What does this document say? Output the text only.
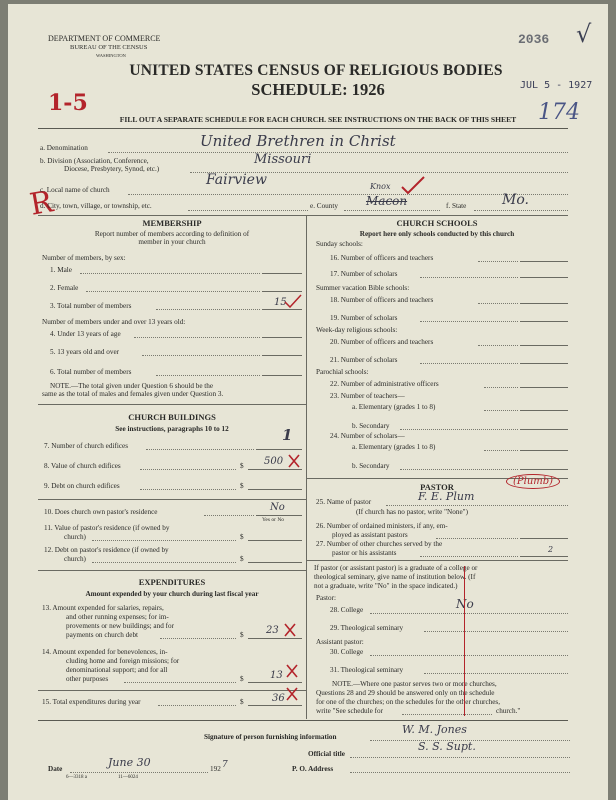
DEPARTMENT OF COMMERCE
BUREAU OF THE CENSUS
WASHINGTON
2036 √
UNITED STATES CENSUS OF RELIGIOUS BODIES
SCHEDULE: 1926	JUL 5 - 1927
1-5	174
FILL OUT A SEPARATE SCHEDULE FOR EACH CHURCH. SEE INSTRUCTIONS ON THE BACK OF THIS SHEET
R
a. Denomination	United Brethren in Christ
b. Division (Association, Conference,
Diocese, Presbytery, Synod, etc.)
Missouri
c. Local name of church
Fairview
d. City, town, village, or township, etc.	e. County Macon
Knox
f. State	Mo.
MEMBERSHIP
Report number of members according to definition of
member in your church
Number of members, by sex:
1. Male
2. Female
3. Total number of members	15
Number of members under and over 13 years old:
4. Under 13 years of age
5. 13 years old and over
6. Total number of members
NOTE.—The total given under Question 6 should be the
same as the total of males and females given under Question 3.
CHURCH BUILDINGS
See instructions, paragraphs 10 to 12
7. Number of church edifices
1
8. Value of church edifices	$ 500
9. Debt on church edifices	$
10. Does church own pastor's residence	No
Yes or No
11. Value of pastor's residence (if owned by
church)	$
12. Debt on pastor's residence (if owned by
church)	$
EXPENDITURES
Amount expended by your church during last fiscal year
13. Amount expended for salaries, repairs,
and other running expenses; for im-
provements or new buildings; and for
payments on church debt	$ 23
14. Amount expended for benevolences, in-
cluding home and foreign missions; for
denominational support; and for all
other purposes	$	13
15. Total expenditures during year	$	36
CHURCH SCHOOLS
Report here only schools conducted by this church
Sunday schools:
16. Number of officers and teachers
17. Number of scholars
Summer vacation Bible schools:
18. Number of officers and teachers
19. Number of scholars
Week-day religious schools:
20. Number of officers and teachers
21. Number of scholars
Parochial schools:
22. Number of administrative officers
23. Number of teachers—
a. Elementary (grades 1 to 8)
b. Secondary
24. Number of scholars—
a. Elementary (grades 1 to 8)
b. Secondary
PASTOR
25. Name of pastor	F. E. Plum
(Plumb)
(If church has no pastor, write "None")
26. Number of ordained ministers, if any, em-
ployed as assistant pastors
27. Number of other churches served by the
pastor or his assistants	2
If pastor (or assistant pastor) is a graduate of a college or
theological seminary, give name of institution below. (If
not a graduate, write "No" in the space indicated.)
Pastor:
28. College	No
29. Theological seminary
Assistant pastor:
30. College
31. Theological seminary
NOTE.—Where one pastor serves two or more churches,
Questions 28 and 29 should be answered only on the schedule
for one of the churches; on the schedules for the other churches,
write "See schedule for	church."
Signature of person furnishing information
W. M. Jones
Official title
S. S. Supt.
Date	June 30	192 7	P. O. Address
6—3318 a	11—6024
